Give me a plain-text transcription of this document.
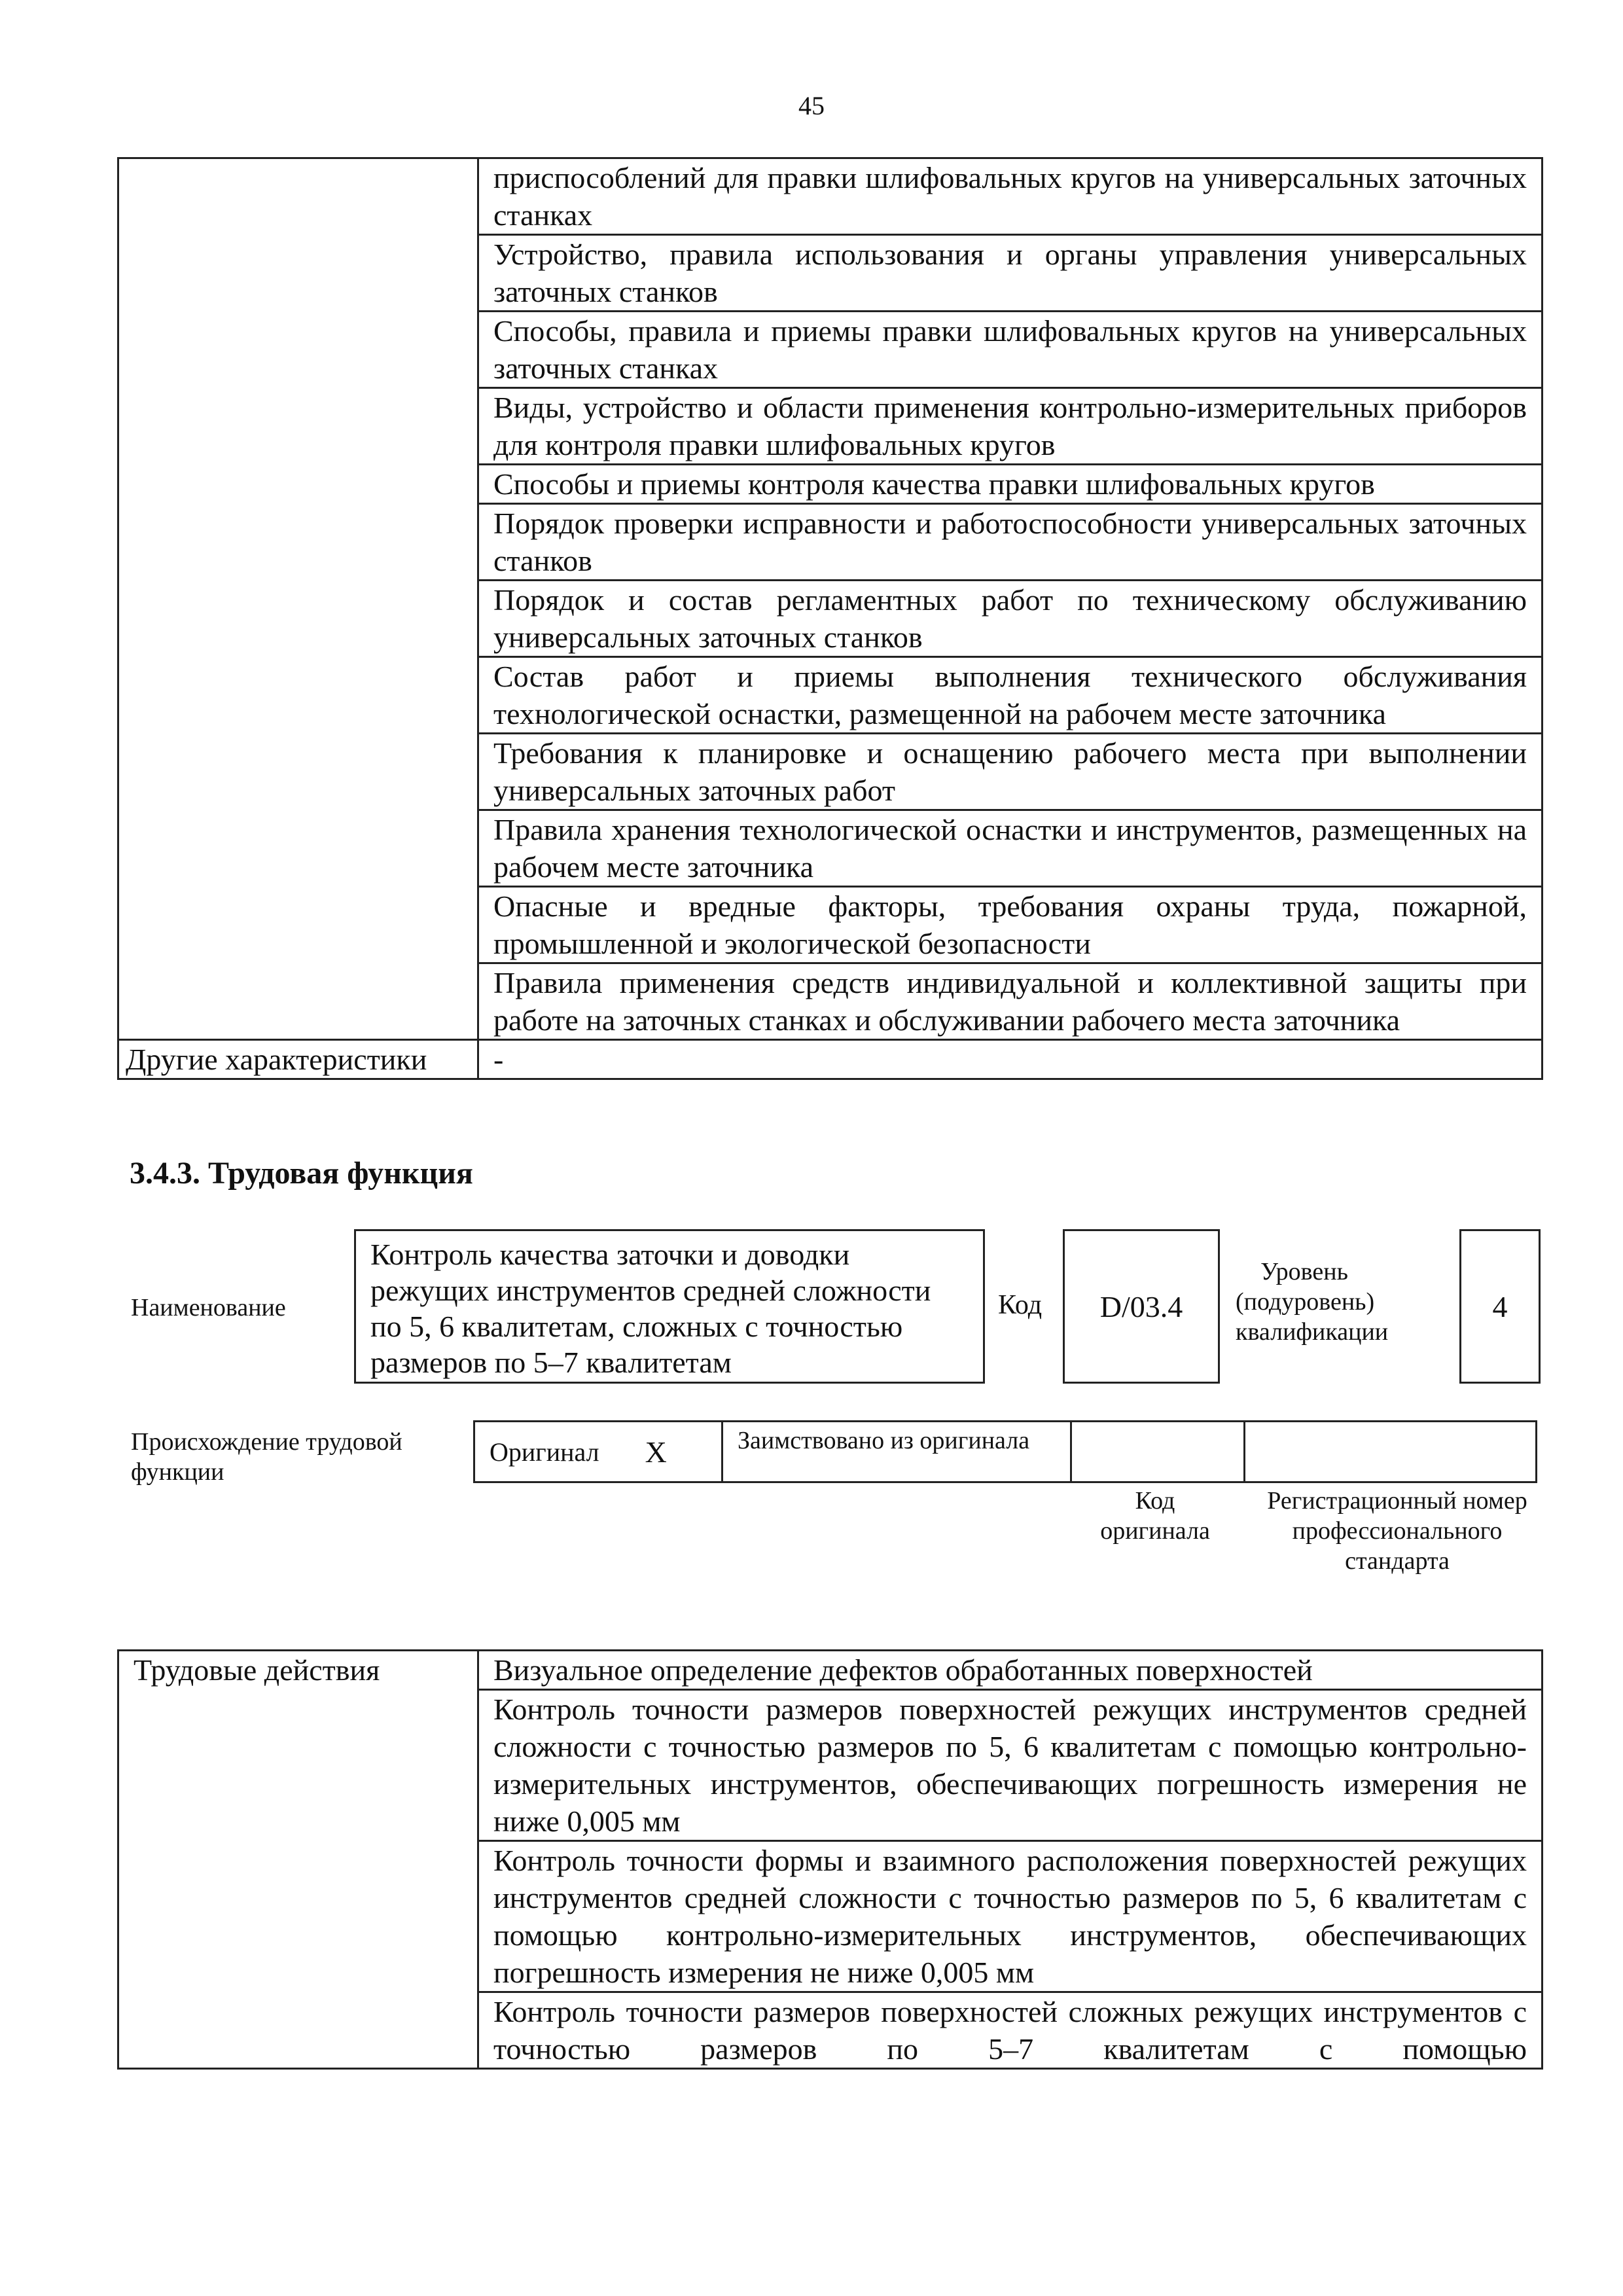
45
	приспособлений для правки шлифовальных кругов на универсальных заточных станках
	Устройство, правила использования и органы управления универсальных заточных станков
	Способы, правила и приемы правки шлифовальных кругов на универсальных заточных станках
	Виды, устройство и области применения контрольно-измерительных приборов для контроля правки шлифовальных кругов
	Способы и приемы контроля качества правки шлифовальных кругов
	Порядок проверки исправности и работоспособности универсальных заточных станков
	Порядок и состав регламентных работ по техническому обслуживанию универсальных заточных станков
	Состав работ и приемы выполнения технического обслуживания технологической оснастки, размещенной на рабочем месте заточника
	Требования к планировке и оснащению рабочего места при выполнении универсальных заточных работ
	Правила хранения технологической оснастки и инструментов, размещенных на рабочем месте заточника
	Опасные и вредные факторы, требования охраны труда, пожарной, промышленной и экологической безопасности
	Правила применения средств индивидуальной и коллективной защиты при работе на заточных станках и обслуживании рабочего места заточника
Другие характеристики	-
3.4.3. Трудовая функция
Наименование
Контроль качества заточки и доводки режущих инструментов средней сложности по 5, 6 квалитетам, сложных с точностью размеров по 5–7 квалитетам
Код	D/03.4
Уровень (подуровень) квалификации
4
Происхождение трудовой функции
Оригинал X	Заимствовано из оригинала
Код оригинала
Регистрационный номер профессионального стандарта
Трудовые действия	Визуальное определение дефектов обработанных поверхностей
Контроль точности размеров поверхностей режущих инструментов средней сложности с точностью размеров по 5, 6 квалитетам с помощью контрольно-измерительных инструментов, обеспечивающих погрешность измерения не ниже 0,005 мм
Контроль точности формы и взаимного расположения поверхностей режущих инструментов средней сложности с точностью размеров по 5, 6 квалитетам с помощью контрольно-измерительных инструментов, обеспечивающих погрешность измерения не ниже 0,005 мм
Контроль точности размеров поверхностей сложных режущих инструментов с точностью размеров по 5–7 квалитетам с помощью
